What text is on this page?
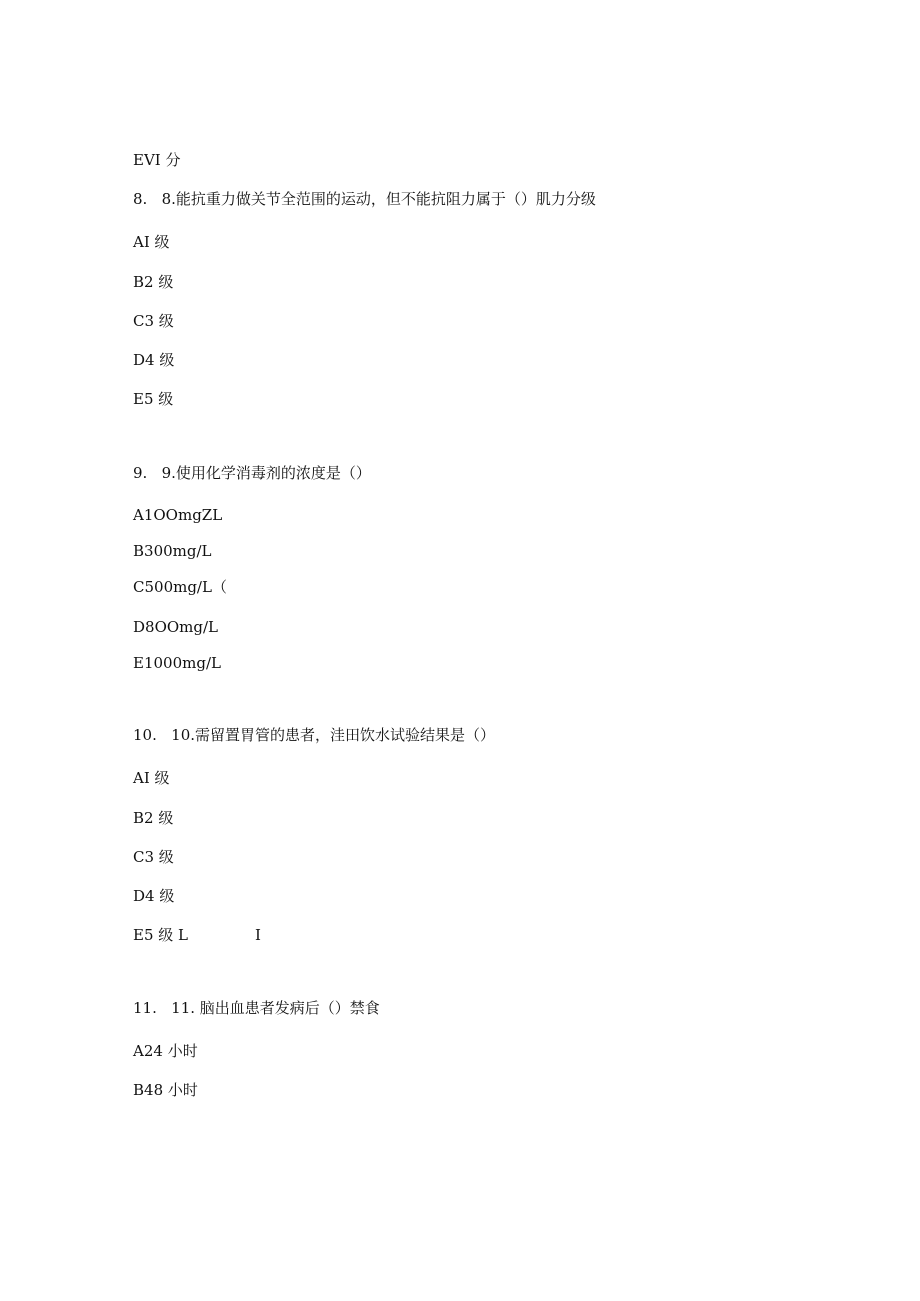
EVI 分
8.   8.能抗重力做关节全范围的运动，但不能抗阻力属于（）肌力分级
AI 级
B2 级
C3 级
D4 级
E5 级
9.   9.使用化学消毒剂的浓度是（）
A1OOmgZL
B300mg∕L
C500mg∕L（
D8OOmg∕L
E1000mg∕L
10.   10.需留置胃管的患者，洼田饮水试验结果是（）
AI 级
B2 级
C3 级
D4 级
E5 级 L	I
11.   11. 脑出血患者发病后（）禁食
A24 小时
B48 小时
